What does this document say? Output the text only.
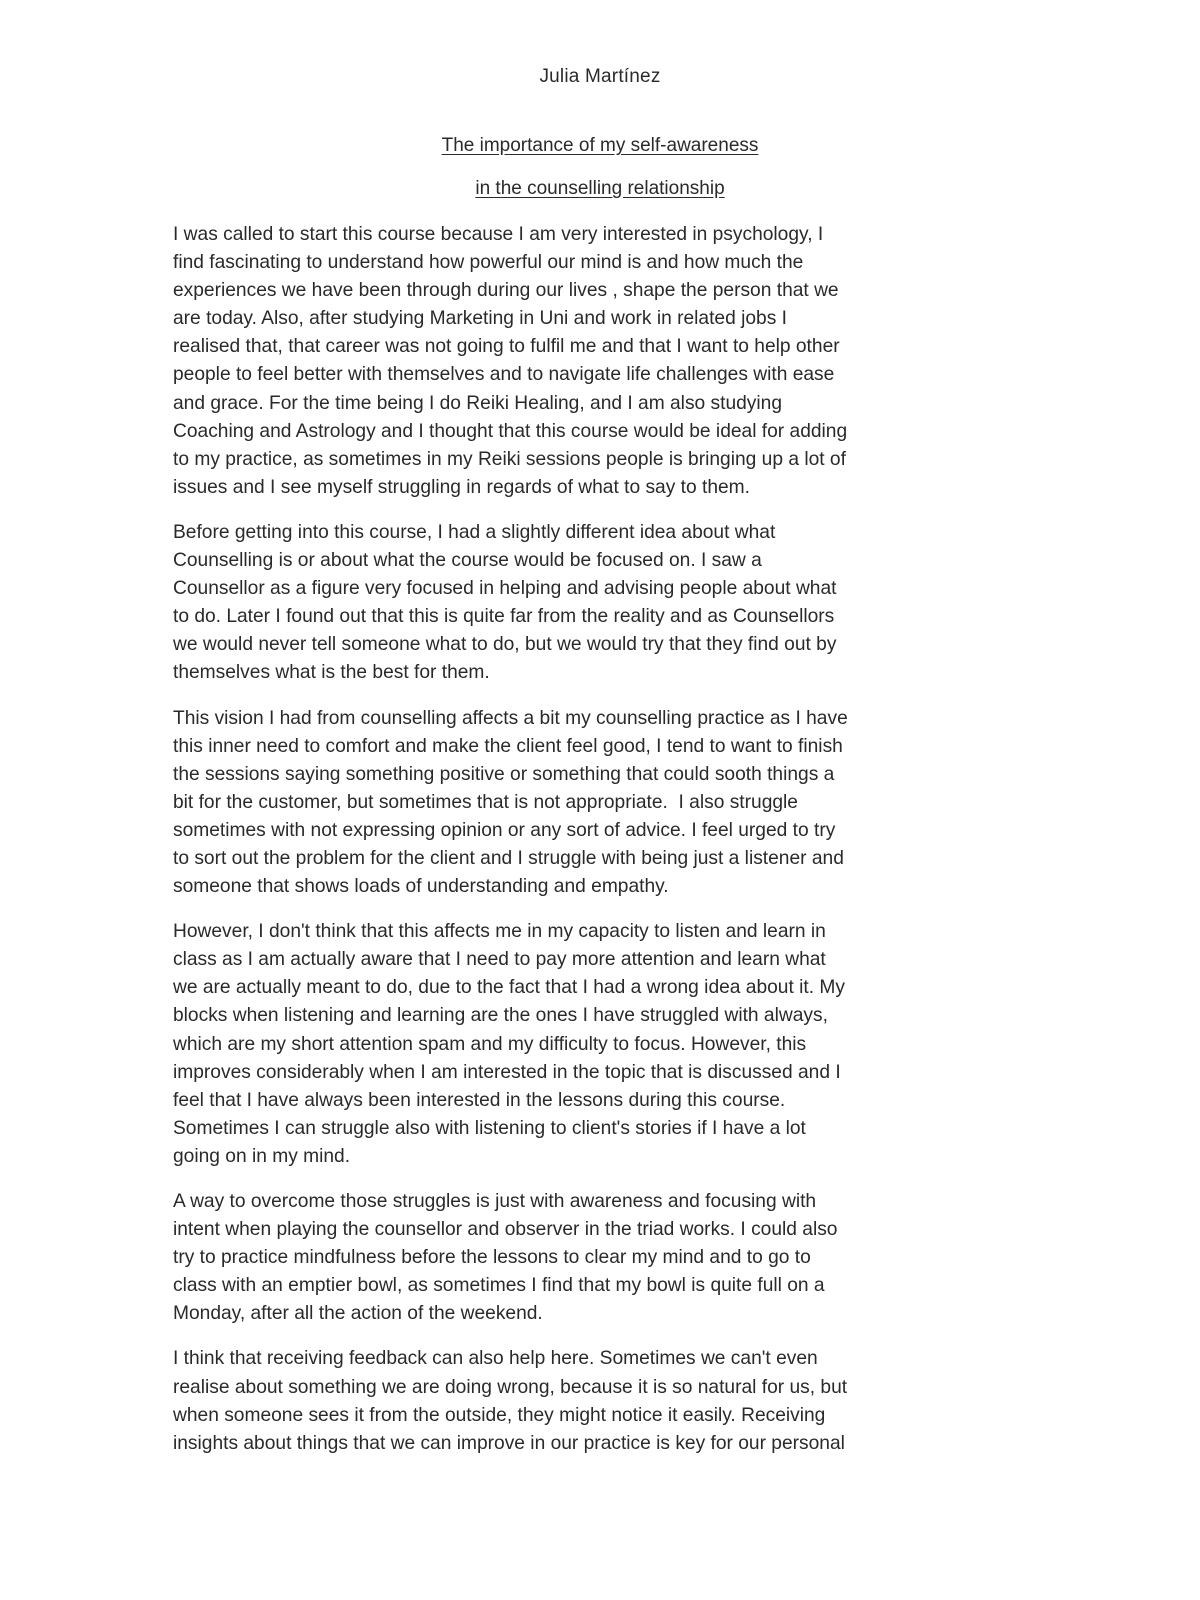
Julia Martínez
The importance of my self-awareness
in the counselling relationship

I was called to start this course because I am very interested in psychology, I
find fascinating to understand how powerful our mind is and how much the
experiences we have been through during our lives , shape the person that we
are today. Also, after studying Marketing in Uni and work in related jobs I
realised that, that career was not going to fulfil me and that I want to help other
people to feel better with themselves and to navigate life challenges with ease
and grace. For the time being I do Reiki Healing, and I am also studying
Coaching and Astrology and I thought that this course would be ideal for adding
to my practice, as sometimes in my Reiki sessions people is bringing up a lot of
issues and I see myself struggling in regards of what to say to them.

Before getting into this course, I had a slightly different idea about what
Counselling is or about what the course would be focused on. I saw a
Counsellor as a figure very focused in helping and advising people about what
to do. Later I found out that this is quite far from the reality and as Counsellors
we would never tell someone what to do, but we would try that they find out by
themselves what is the best for them.

This vision I had from counselling affects a bit my counselling practice as I have
this inner need to comfort and make the client feel good, I tend to want to finish
the sessions saying something positive or something that could sooth things a
bit for the customer, but sometimes that is not appropriate.  I also struggle
sometimes with not expressing opinion or any sort of advice. I feel urged to try
to sort out the problem for the client and I struggle with being just a listener and
someone that shows loads of understanding and empathy.

However, I don't think that this affects me in my capacity to listen and learn in
class as I am actually aware that I need to pay more attention and learn what
we are actually meant to do, due to the fact that I had a wrong idea about it. My
blocks when listening and learning are the ones I have struggled with always,
which are my short attention spam and my difficulty to focus. However, this
improves considerably when I am interested in the topic that is discussed and I
feel that I have always been interested in the lessons during this course.
Sometimes I can struggle also with listening to client's stories if I have a lot
going on in my mind.

A way to overcome those struggles is just with awareness and focusing with
intent when playing the counsellor and observer in the triad works. I could also
try to practice mindfulness before the lessons to clear my mind and to go to
class with an emptier bowl, as sometimes I find that my bowl is quite full on a
Monday, after all the action of the weekend.

I think that receiving feedback can also help here. Sometimes we can't even
realise about something we are doing wrong, because it is so natural for us, but
when someone sees it from the outside, they might notice it easily. Receiving
insights about things that we can improve in our practice is key for our personal
